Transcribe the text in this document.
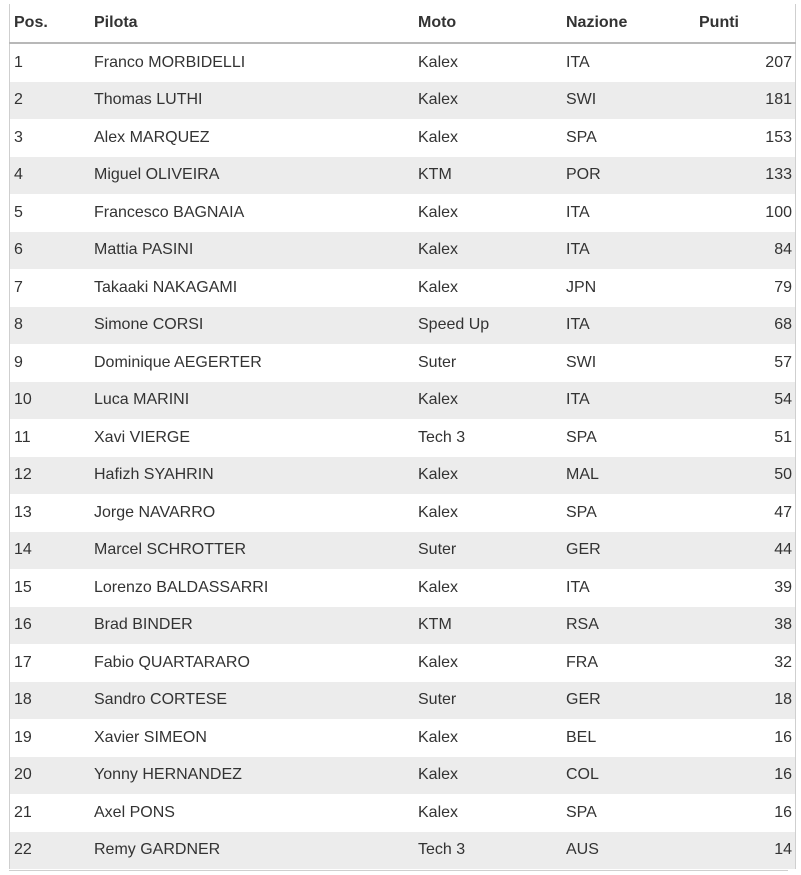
Pos.	Pilota	Moto	Nazione	Punti
1	Franco MORBIDELLI	Kalex	ITA	207
2	Thomas LUTHI	Kalex	SWI	181
3	Alex MARQUEZ	Kalex	SPA	153
4	Miguel OLIVEIRA	KTM	POR	133
5	Francesco BAGNAIA	Kalex	ITA	100
6	Mattia PASINI	Kalex	ITA	84
7	Takaaki NAKAGAMI	Kalex	JPN	79
8	Simone CORSI	Speed Up	ITA	68
9	Dominique AEGERTER	Suter	SWI	57
10	Luca MARINI	Kalex	ITA	54
11	Xavi VIERGE	Tech 3	SPA	51
12	Hafizh SYAHRIN	Kalex	MAL	50
13	Jorge NAVARRO	Kalex	SPA	47
14	Marcel SCHROTTER	Suter	GER	44
15	Lorenzo BALDASSARRI	Kalex	ITA	39
16	Brad BINDER	KTM	RSA	38
17	Fabio QUARTARARO	Kalex	FRA	32
18	Sandro CORTESE	Suter	GER	18
19	Xavier SIMEON	Kalex	BEL	16
20	Yonny HERNANDEZ	Kalex	COL	16
21	Axel PONS	Kalex	SPA	16
22	Remy GARDNER	Tech 3	AUS	14
